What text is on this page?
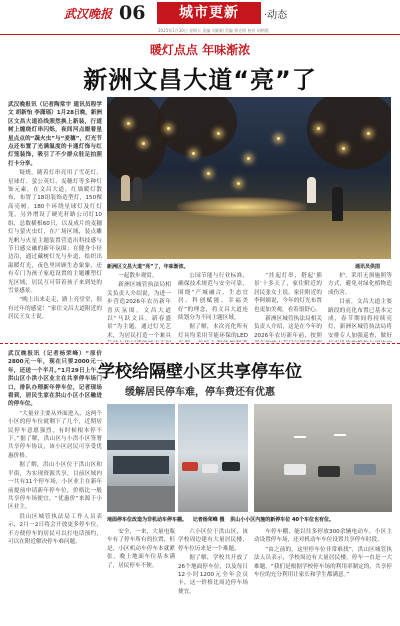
武汉晚报 06	城市更新	·动态
2025年1月30日 星期五 责编 刘娟娟 美编 鲁克明 校对 胡朝霞
暖灯点点 年味渐浓
新洲文昌大道“亮”了

武汉晚报讯（记者陶常宇 通讯员程学文 胡新怡 李潇瑶）1月28日晚，新洲区文昌大道沿线照然换上新装，行道树上缠绕灯串闪烁，夜间河点缀着星星点点的“蔬火虫”与“麦穗”，灯光节点还布置了光满温度的卡通灯饰与红灯笼装饰，吸引了不少群众驻足拍照打卡分享。

疑烧，随着灯串亮用了雪花灯、星球灯、萤公英灯、麦穗灯等多种灯饰元素，在文昌大道，红墙暖灯散布，布置了18组装饰造型灯，150棵高亮树，180个环绕星球灯及红灯笼，另外增设了硬光秆路公司灯10组，总数横根60只，以及成片的麦穗灯与萤火虫灯，在广场区域，装点雕光帆与火星主题装置营造出科技感与节日感交融的新年氛围；在健身小径边沿，通过藏树灯光与步道，绘织出温暖灯光，夜色里回顾生态象象，还有专门为孩子家庭设置的主题雕塑灯光区域，居民互可带着孩子来到处的雪景感景。

“晚上出来走走，路上亮堂堂，很有过年的感觉！”家住文昌大道附近的居民王女士说。

新洲区文昌大道“亮”了，年味渐浓。	通讯员供图

一起散步观赏。

新洲区城管执法局相关负责人介绍说，为进一步营造2026年农历新年喜庆氛围，文昌大道以“马跃文昌，新春盛景”为主题，通过灯光艺术，为居民打造一个兼具

公园节能与行业标准，确保技术规范与安全可靠，围绕“产城融合、生态宜居、科创赋能、幸福美好”的理念，将文昌大道连续划分为不同主题区域。

据了解，本次亮化所有灯具均采用节能环保的LED

“挂起灯串，搭起‘熊景’十多天了，家住附近的居民张女士说。家住附近的李阿姨说，今年的灯光布置也更加美观，看着很舒心。

新洲区城管执法局相关负责人介绍，这是在今年的2026年农历新年前，按照

护，采用无损施照等方式，避免对绿化植物造成伤害。

目前，文昌大道主要路段的亮化布置已基本完成，春节期间将持续亮灯，新洲区城管执法局将安排专人加强巡查，做好

武汉晚报讯（记者杨荣峰）“原价2800元一年，现在只要2000元一年，还送一个半月。”1月29日上午，洪山区小洪小区业主在共享停车场门口，排队办理新年停车位，记者现场看到，居民生家在洪山小区小区融进的停车位。

“大量业主要从外面进入，这两个小区的停车位就剩下了几个，近期居民停车意愿强烈，有时候根本停不下。”据了解，洪山区与小洪小区签署共享停车协议，该小区居民可享受优惠价格。

据了解，洪山小区位于洪山区和平街，为实现资源共享，目前区域内一共有11个停车场，小区业主在新年前提前申请新年停车位，价格比一般共享停车场便宜，“优惠价”来源于小区业主。

洪山区城管执法局工作人员表示，2月一2日将会开放更多停车位，不方便停车的居民可以打电话预约，可以在附近解决停车难问题。

学校给隔壁小区共享停车位
缓解居民停车难，停车费还有优惠
地面停车位改造为非机动车停车棚。 记者杨荣峰 摄 洪山小小区内施的新停车位 40个车位也有位。

安全，一来，大量电瓶车有了停车所有的位置，但是，小区机动车停车本就紧张，晚上地面车位基本满了，居民停车不便。

六小区位于洪山区，该学校周边建有大量居民楼，停车位历来是一个难题。

据了解，学校共开放了26个地面停车位，以及每日12小时1200元全年会员卡，这一价格比周边停车场便宜。

车停车棚，能以往多停放300余辆电动车，小区主动设置停车场，还对机动车车位设置共享停车时段。

“由之前的，这里停车位非常难找”，洪山区城管执法人员表示，学校周边有大量居民楼，停车一直是一大难题，“我们是根据学校停车场的利用率制定的，共享停车位的充分利用让家长和学生都满意。”
